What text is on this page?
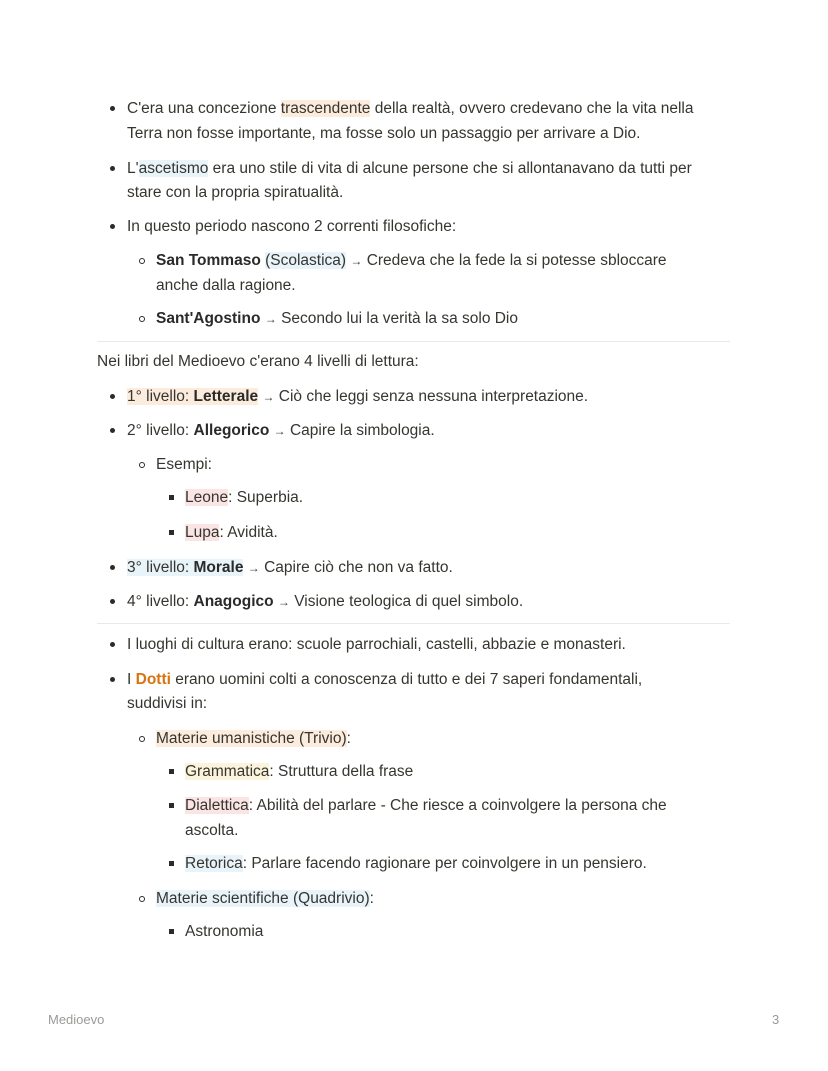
C'era una concezione trascendente della realtà, ovvero credevano che la vita nella
Terra non fosse importante, ma fosse solo un passaggio per arrivare a Dio.
L'ascetismo era uno stile di vita di alcune persone che si allontanavano da tutti per
stare con la propria spiratualità.
In questo periodo nascono 2 correnti filosofiche:
San Tommaso (Scolastica) → Credeva che la fede la si potesse sbloccare
anche dalla ragione.
Sant'Agostino → Secondo lui la verità la sa solo Dio
Nei libri del Medioevo c'erano 4 livelli di lettura:
1° livello: Letterale → Ciò che leggi senza nessuna interpretazione.
2° livello: Allegorico → Capire la simbologia.
Esempi:
Leone: Superbia.
Lupa: Avidità.
3° livello: Morale → Capire ciò che non va fatto.
4° livello: Anagogico → Visione teologica di quel simbolo.
I luoghi di cultura erano: scuole parrochiali, castelli, abbazie e monasteri.
I Dotti erano uomini colti a conoscenza di tutto e dei 7 saperi fondamentali,
suddivisi in:
Materie umanistiche (Trivio):
Grammatica: Struttura della frase
Dialettica: Abilità del parlare - Che riesce a coinvolgere la persona che
ascolta.
Retorica: Parlare facendo ragionare per coinvolgere in un pensiero.
Materie scientifiche (Quadrivio):
Astronomia
Medioevo	3
